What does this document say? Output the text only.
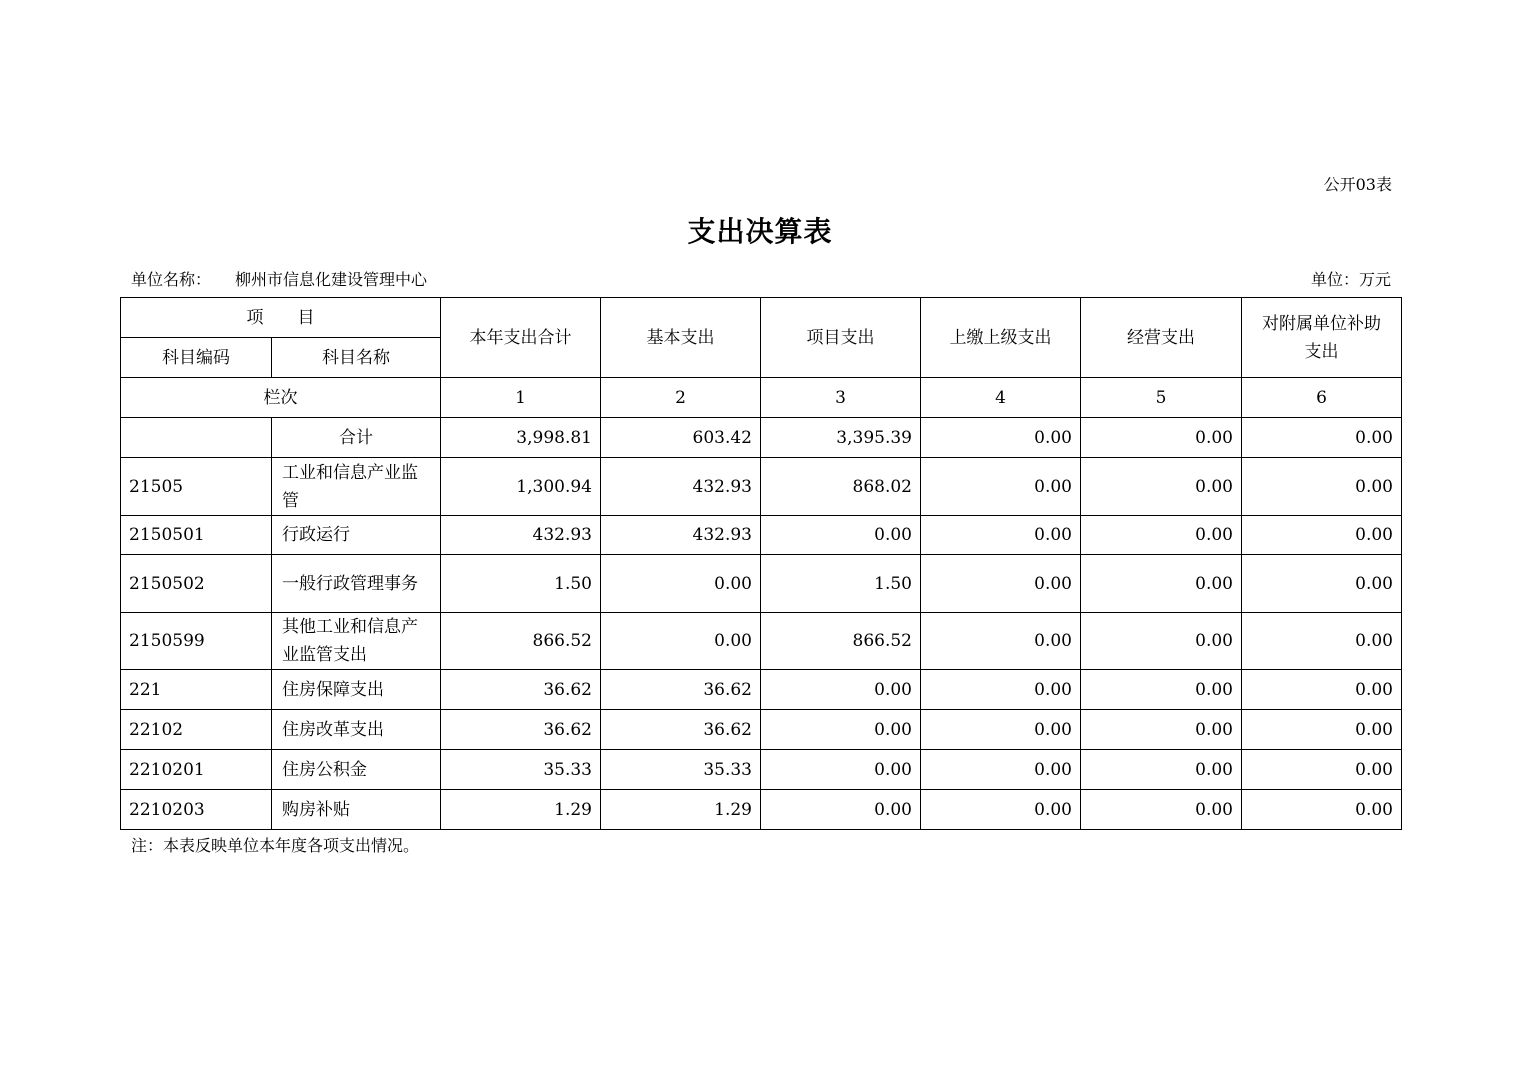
公开03表
支出决算表
单位名称： 柳州市信息化建设管理中心	单位：万元
项　　目		本年支出合计	基本支出	项目支出	上缴上级支出	经营支出	对附属单位补助支出
科目编码	科目名称						
栏次		1	2	3	4	5	6
	合计	3,998.81	603.42	3,395.39	0.00	0.00	0.00
21505	工业和信息产业监管	1,300.94	432.93	868.02	0.00	0.00	0.00
2150501	行政运行	432.93	432.93	0.00	0.00	0.00	0.00
2150502	一般行政管理事务	1.50	0.00	1.50	0.00	0.00	0.00
2150599	其他工业和信息产业监管支出	866.52	0.00	866.52	0.00	0.00	0.00
221	住房保障支出	36.62	36.62	0.00	0.00	0.00	0.00
22102	住房改革支出	36.62	36.62	0.00	0.00	0.00	0.00
2210201	住房公积金	35.33	35.33	0.00	0.00	0.00	0.00
2210203	购房补贴	1.29	1.29	0.00	0.00	0.00	0.00
注：本表反映单位本年度各项支出情况。
